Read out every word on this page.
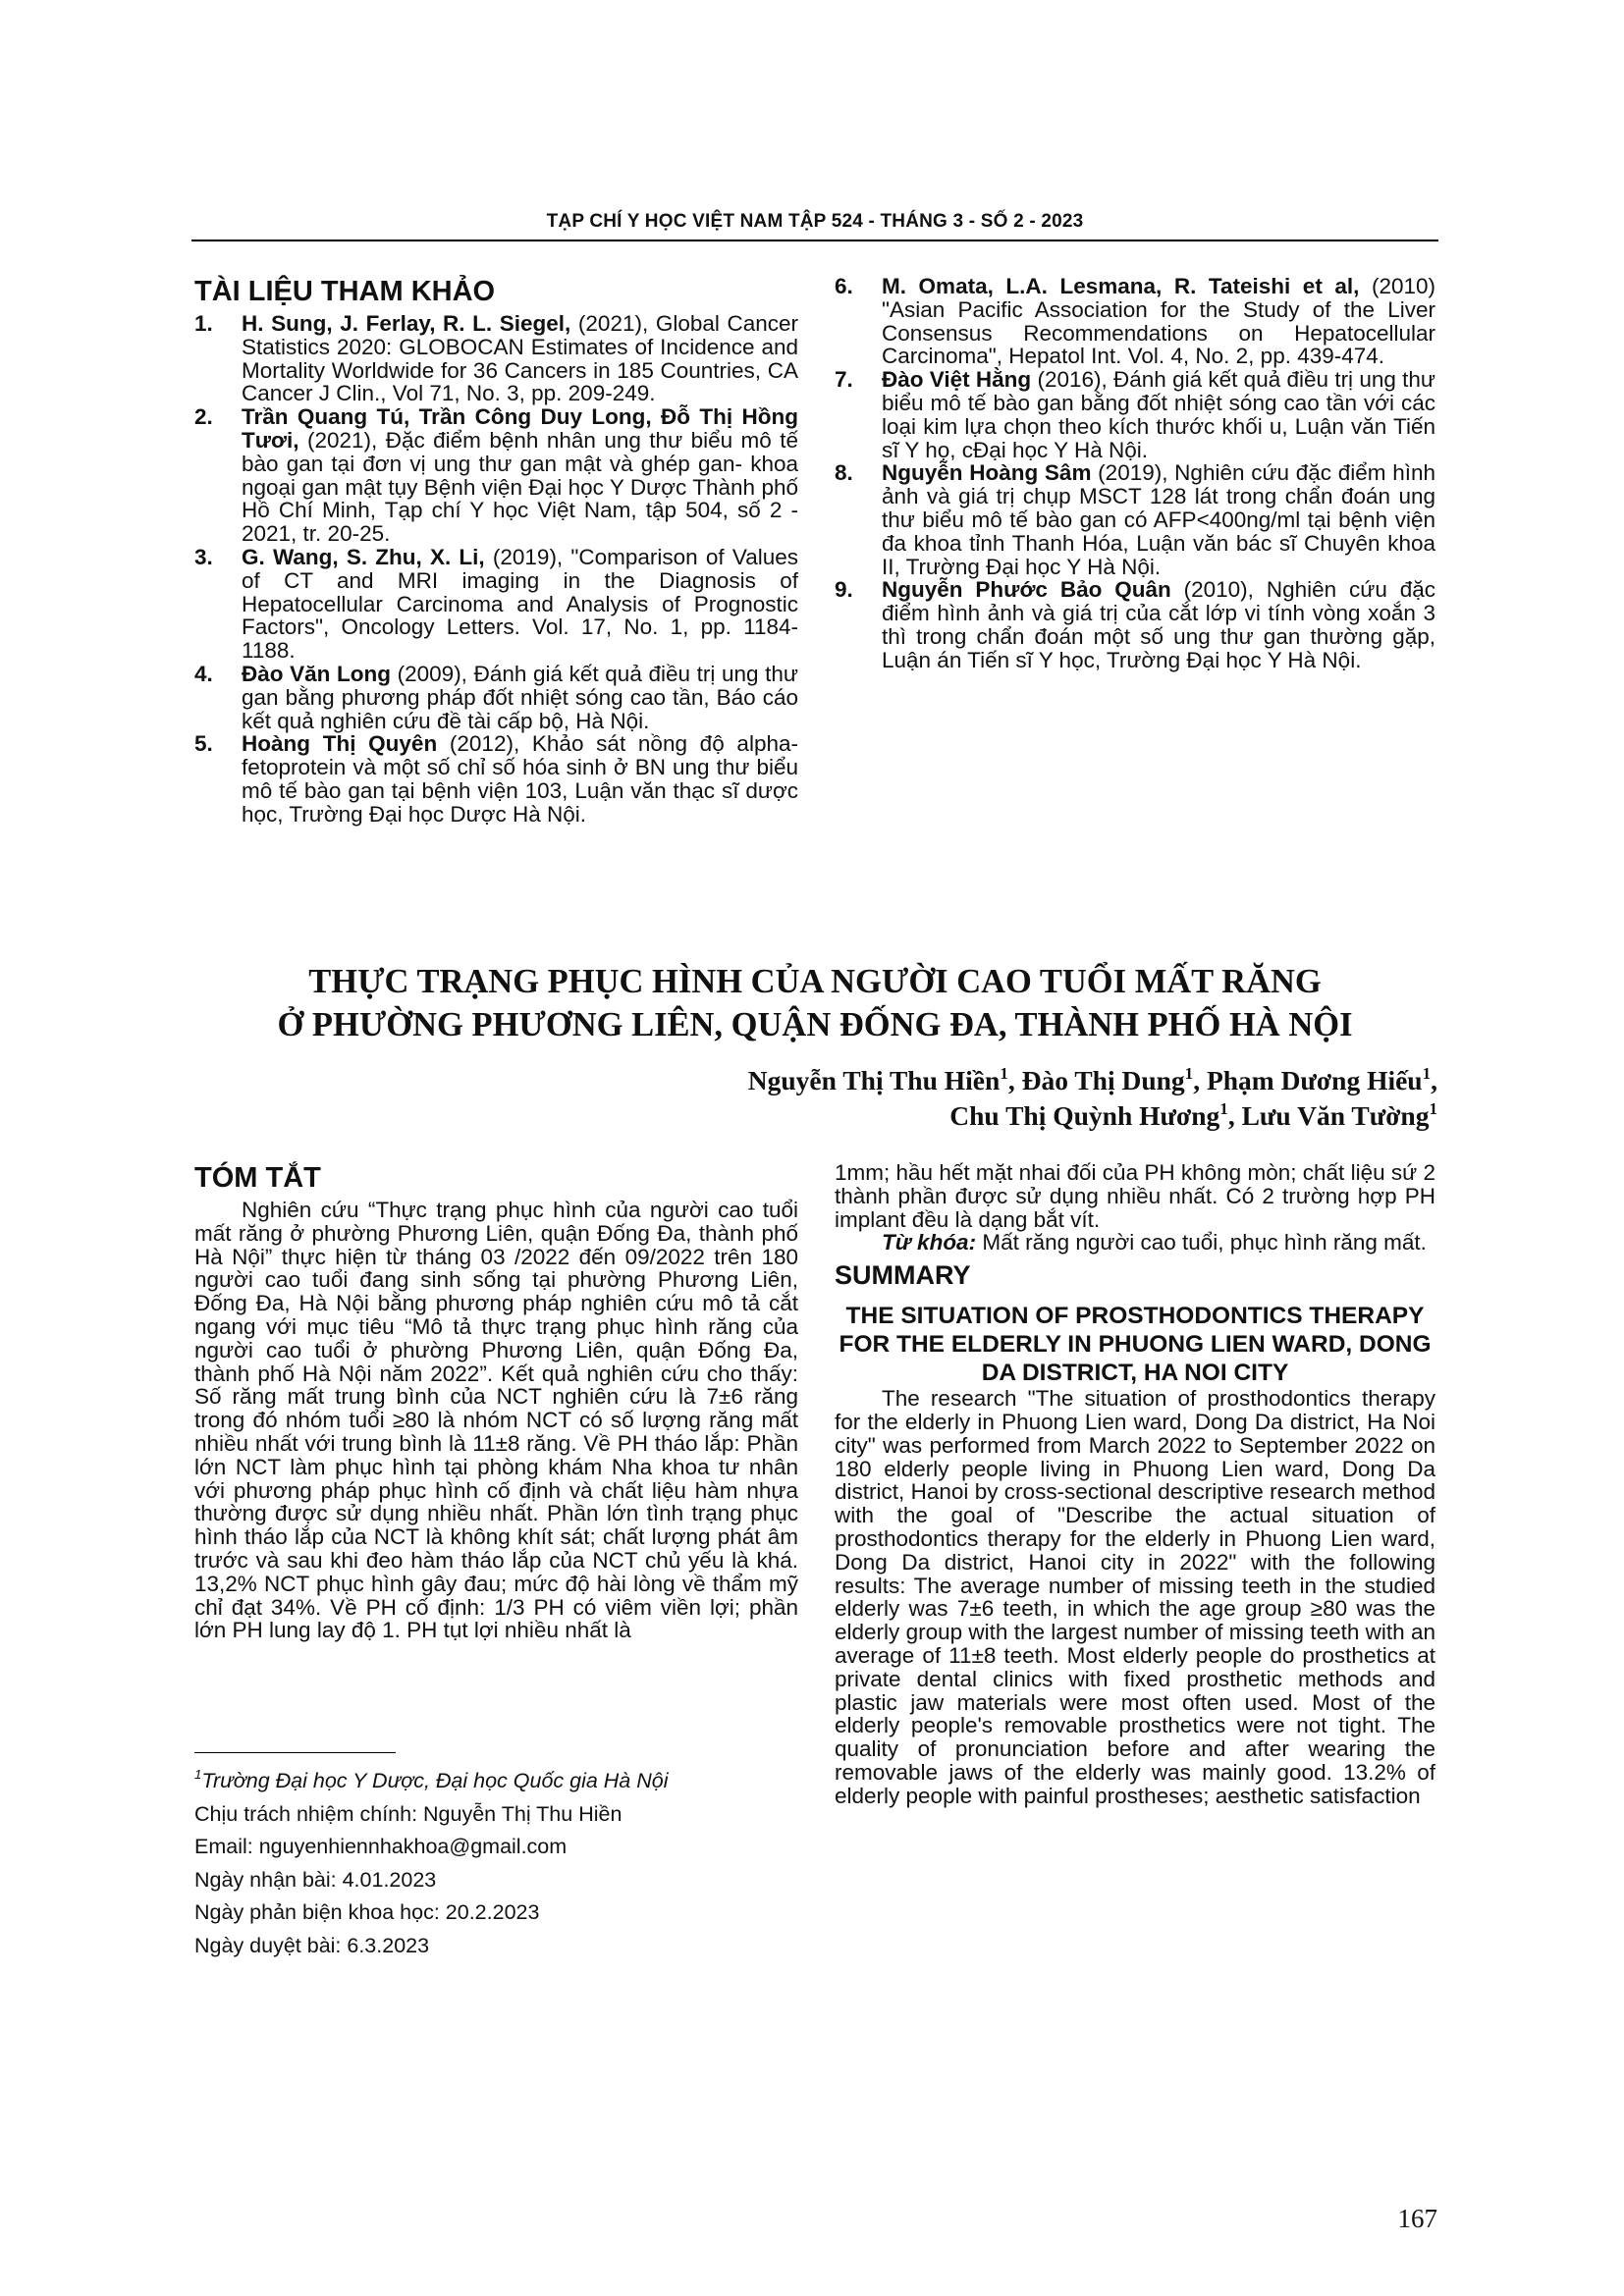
TẠP CHÍ Y HỌC VIỆT NAM TẬP 524 - THÁNG 3 - SỐ 2 - 2023
TÀI LIỆU THAM KHẢO

1. H. Sung, J. Ferlay, R. L. Siegel, (2021), Global Cancer Statistics 2020: GLOBOCAN Estimates of Incidence and Mortality Worldwide for 36 Cancers in 185 Countries, CA Cancer J Clin., Vol 71, No. 3, pp. 209-249.

2. Trần Quang Tú, Trần Công Duy Long, Đỗ Thị Hồng Tươi, (2021), Đặc điểm bệnh nhân ung thư biểu mô tế bào gan tại đơn vị ung thư gan mật và ghép gan- khoa ngoại gan mật tụy Bệnh viện Đại học Y Dược Thành phố Hồ Chí Minh, Tạp chí Y học Việt Nam, tập 504, số 2 - 2021, tr. 20-25.

3. G. Wang, S. Zhu, X. Li, (2019), "Comparison of Values of CT and MRI imaging in the Diagnosis of Hepatocellular Carcinoma and Analysis of Prognostic Factors", Oncology Letters. Vol. 17, No. 1, pp. 1184-1188.

4. Đào Văn Long (2009), Đánh giá kết quả điều trị ung thư gan bằng phương pháp đốt nhiệt sóng cao tần, Báo cáo kết quả nghiên cứu đề tài cấp bộ, Hà Nội.

5. Hoàng Thị Quyên (2012), Khảo sát nồng độ alpha-fetoprotein và một số chỉ số hóa sinh ở BN ung thư biểu mô tế bào gan tại bệnh viện 103, Luận văn thạc sĩ dược học, Trường Đại học Dược Hà Nội.

6. M. Omata, L.A. Lesmana, R. Tateishi et al, (2010) "Asian Pacific Association for the Study of the Liver Consensus Recommendations on Hepatocellular Carcinoma", Hepatol Int. Vol. 4, No. 2, pp. 439-474.

7. Đào Việt Hằng (2016), Đánh giá kết quả điều trị ung thư biểu mô tế bào gan bằng đốt nhiệt sóng cao tần với các loại kim lựa chọn theo kích thước khối u, Luận văn Tiến sĩ Y họ, cĐại học Y Hà Nội.

8. Nguyễn Hoàng Sâm (2019), Nghiên cứu đặc điểm hình ảnh và giá trị chụp MSCT 128 lát trong chẩn đoán ung thư biểu mô tế bào gan có AFP<400ng/ml tại bệnh viện đa khoa tỉnh Thanh Hóa, Luận văn bác sĩ Chuyên khoa II, Trường Đại học Y Hà Nội.

9. Nguyễn Phước Bảo Quân (2010), Nghiên cứu đặc điểm hình ảnh và giá trị của cắt lớp vi tính vòng xoắn 3 thì trong chẩn đoán một số ung thư gan thường gặp, Luận án Tiến sĩ Y học, Trường Đại học Y Hà Nội.

THỰC TRẠNG PHỤC HÌNH CỦA NGƯỜI CAO TUỔI MẤT RĂNG
Ở PHƯỜNG PHƯƠNG LIÊN, QUẬN ĐỐNG ĐA, THÀNH PHỐ HÀ NỘI
Nguyễn Thị Thu Hiền$^1$, Đào Thị Dung$^1$, Phạm Dương Hiếu$^1$,
Chu Thị Quỳnh Hương$^1$, Lưu Văn Tường$^1$
TÓM TẮT

Nghiên cứu “Thực trạng phục hình của người cao tuổi mất răng ở phường Phương Liên, quận Đống Đa, thành phố Hà Nội” thực hiện từ tháng 03 /2022 đến 09/2022 trên 180 người cao tuổi đang sinh sống tại phường Phương Liên, Đống Đa, Hà Nội bằng phương pháp nghiên cứu mô tả cắt ngang với mục tiêu “Mô tả thực trạng phục hình răng của người cao tuổi ở phường Phương Liên, quận Đống Đa, thành phố Hà Nội năm 2022”. Kết quả nghiên cứu cho thấy: Số răng mất trung bình của NCT nghiên cứu là 7±6 răng trong đó nhóm tuổi ≥80 là nhóm NCT có số lượng răng mất nhiều nhất với trung bình là 11±8 răng. Về PH tháo lắp: Phần lớn NCT làm phục hình tại phòng khám Nha khoa tư nhân với phương pháp phục hình cố định và chất liệu hàm nhựa thường được sử dụng nhiều nhất. Phần lớn tình trạng phục hình tháo lắp của NCT là không khít sát; chất lượng phát âm trước và sau khi đeo hàm tháo lắp của NCT chủ yếu là khá. 13,2% NCT phục hình gây đau; mức độ hài lòng về thẩm mỹ chỉ đạt 34%. Về PH cố định: 1/3 PH có viêm viền lợi; phần lớn PH lung lay độ 1. PH tụt lợi nhiều nhất là

$^1$Trường Đại học Y Dược, Đại học Quốc gia Hà Nội
Chịu trách nhiệm chính: Nguyễn Thị Thu Hiền
Email: nguyenhiennhakhoa@gmail.com
Ngày nhận bài: 4.01.2023
Ngày phản biện khoa học: 20.2.2023
Ngày duyệt bài: 6.3.2023

1mm; hầu hết mặt nhai đối của PH không mòn; chất liệu sứ 2 thành phần được sử dụng nhiều nhất. Có 2 trường hợp PH implant đều là dạng bắt vít.

Từ khóa: Mất răng người cao tuổi, phục hình răng mất.

SUMMARY
THE SITUATION OF PROSTHODONTICS THERAPY FOR THE ELDERLY IN PHUONG LIEN WARD, DONG DA DISTRICT, HA NOI CITY

The research "The situation of prosthodontics therapy for the elderly in Phuong Lien ward, Dong Da district, Ha Noi city" was performed from March 2022 to September 2022 on 180 elderly people living in Phuong Lien ward, Dong Da district, Hanoi by cross-sectional descriptive research method with the goal of "Describe the actual situation of prosthodontics therapy for the elderly in Phuong Lien ward, Dong Da district, Hanoi city in 2022" with the following results: The average number of missing teeth in the studied elderly was 7±6 teeth, in which the age group ≥80 was the elderly group with the largest number of missing teeth with an average of 11±8 teeth. Most elderly people do prosthetics at private dental clinics with fixed prosthetic methods and plastic jaw materials were most often used. Most of the elderly people's removable prosthetics were not tight. The quality of pronunciation before and after wearing the removable jaws of the elderly was mainly good. 13.2% of elderly people with painful prostheses; aesthetic satisfaction

167
